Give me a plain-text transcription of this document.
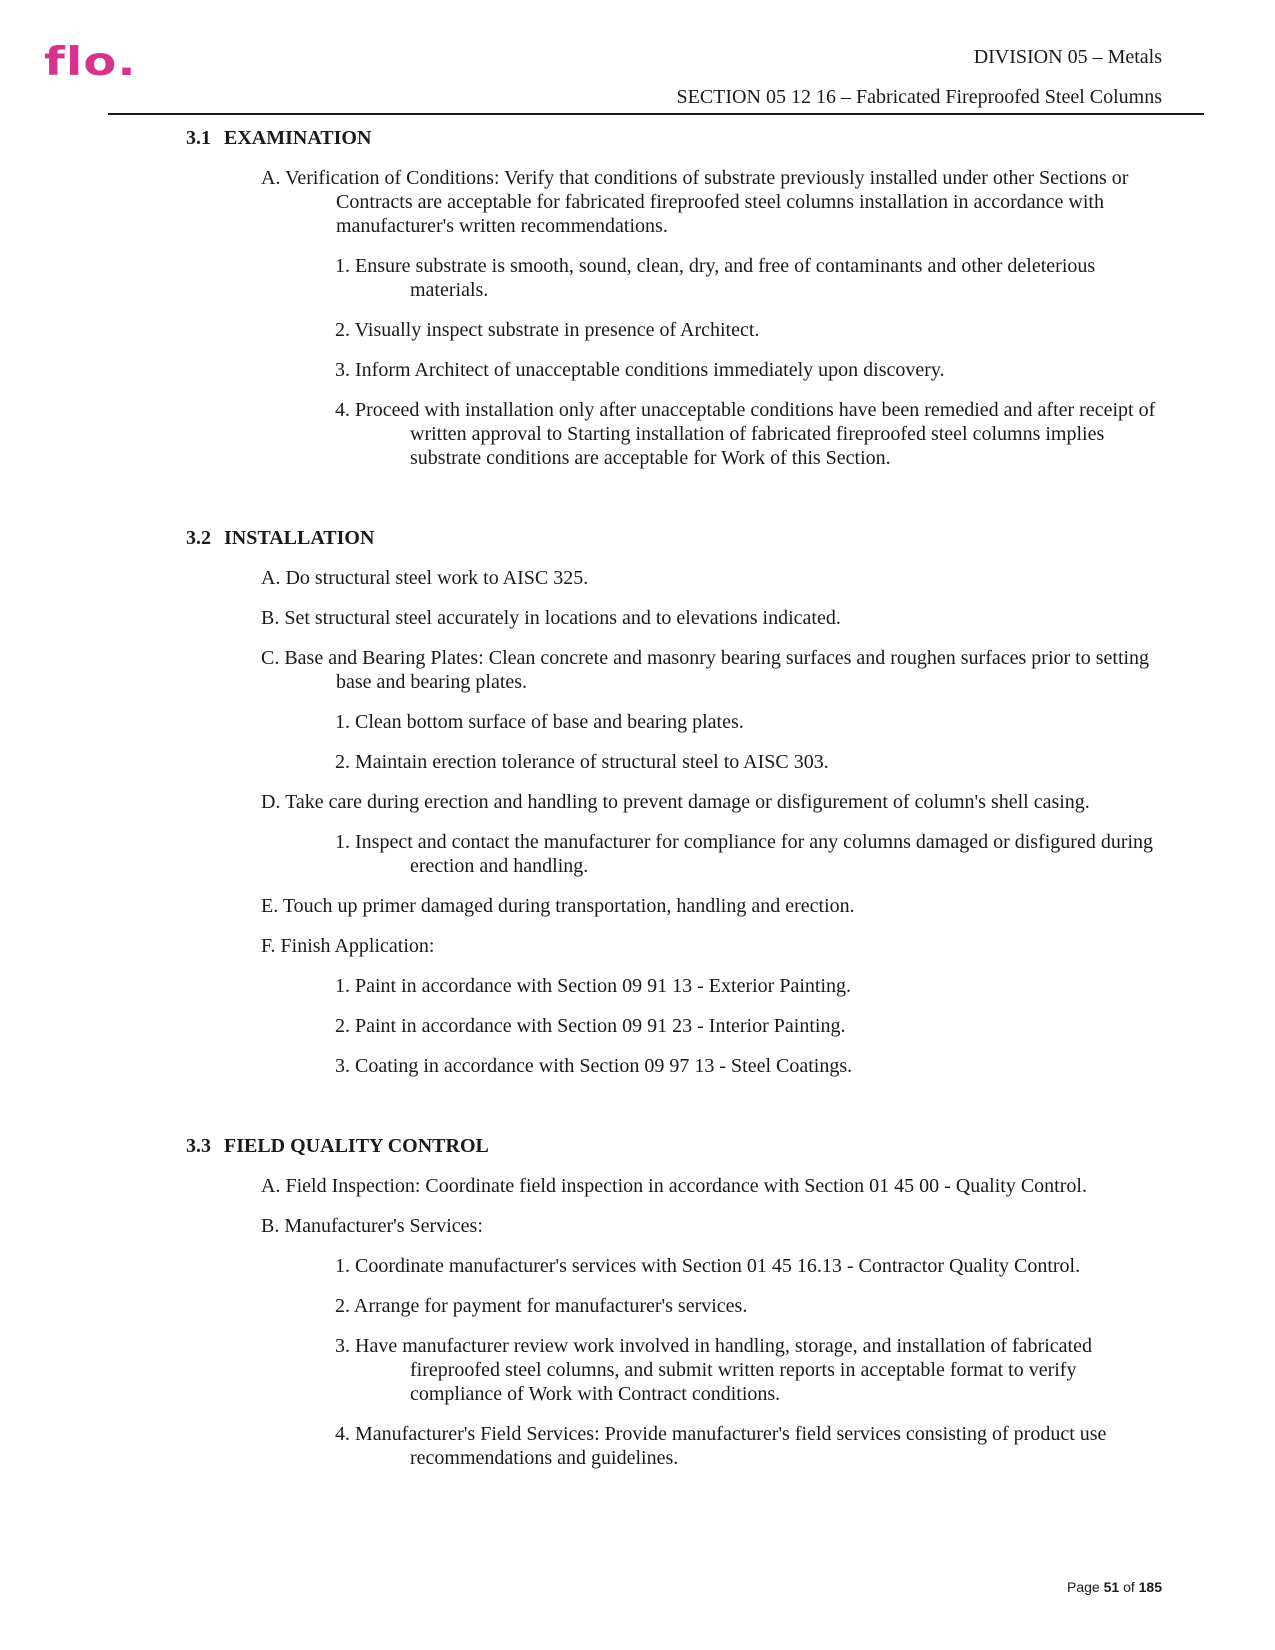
flo.	DIVISION 05 – Metals
SECTION 05 12 16 – Fabricated Fireproofed Steel Columns
3.1 EXAMINATION
A. Verification of Conditions: Verify that conditions of substrate previously installed under other Sections or Contracts are acceptable for fabricated fireproofed steel columns installation in accordance with manufacturer's written recommendations.
1. Ensure substrate is smooth, sound, clean, dry, and free of contaminants and other deleterious materials.
2. Visually inspect substrate in presence of Architect.
3. Inform Architect of unacceptable conditions immediately upon discovery.
4. Proceed with installation only after unacceptable conditions have been remedied and after receipt of written approval to Starting installation of fabricated fireproofed steel columns implies substrate conditions are acceptable for Work of this Section.
3.2 INSTALLATION
A. Do structural steel work to AISC 325.
B. Set structural steel accurately in locations and to elevations indicated.
C. Base and Bearing Plates: Clean concrete and masonry bearing surfaces and roughen surfaces prior to setting base and bearing plates.
1. Clean bottom surface of base and bearing plates.
2. Maintain erection tolerance of structural steel to AISC 303.
D. Take care during erection and handling to prevent damage or disfigurement of column's shell casing.
1. Inspect and contact the manufacturer for compliance for any columns damaged or disfigured during erection and handling.
E. Touch up primer damaged during transportation, handling and erection.
F. Finish Application:
1. Paint in accordance with Section 09 91 13 - Exterior Painting.
2. Paint in accordance with Section 09 91 23 - Interior Painting.
3. Coating in accordance with Section 09 97 13 - Steel Coatings.
3.3 FIELD QUALITY CONTROL
A. Field Inspection: Coordinate field inspection in accordance with Section 01 45 00 - Quality Control.
B. Manufacturer's Services:
1. Coordinate manufacturer's services with Section 01 45 16.13 - Contractor Quality Control.
2. Arrange for payment for manufacturer's services.
3. Have manufacturer review work involved in handling, storage, and installation of fabricated fireproofed steel columns, and submit written reports in acceptable format to verify compliance of Work with Contract conditions.
4. Manufacturer's Field Services: Provide manufacturer's field services consisting of product use recommendations and guidelines.
Page 51 of 185
